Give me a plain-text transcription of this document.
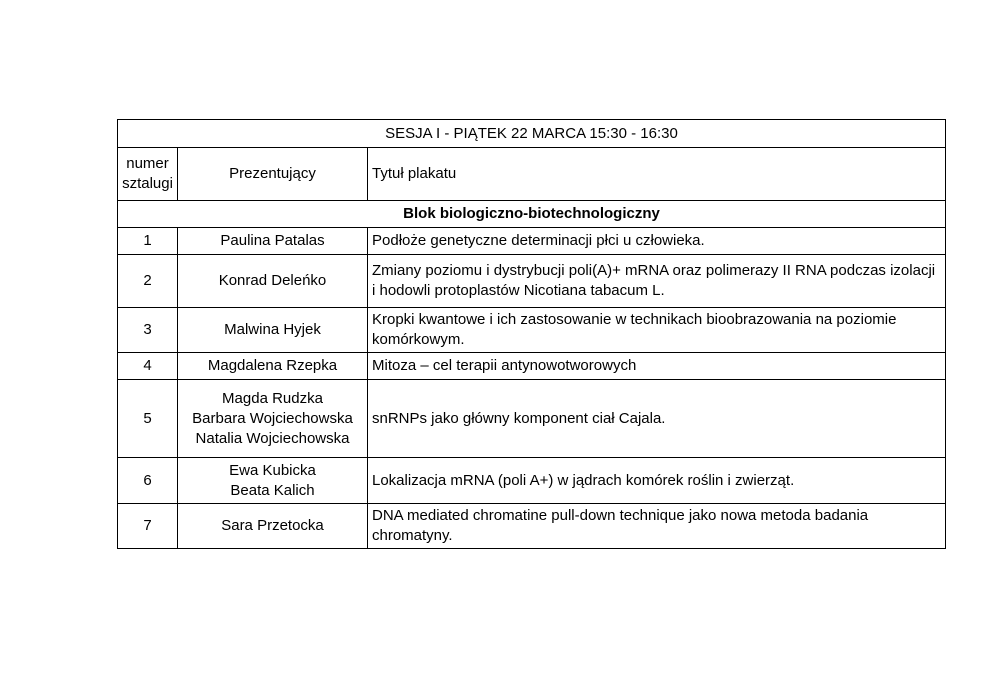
SESJA I - PIĄTEK 22 MARCA 15:30 - 16:30		

numer
sztalugi	Prezentujący	Tytuł plakatu
Blok biologiczno-biotechnologiczny		
1	Paulina Patalas	Podłoże genetyczne determinacji płci u człowieka.
2	Konrad Deleńko	Zmiany poziomu i dystrybucji poli(A)+ mRNA oraz polimerazy II RNA podczas izolacji i hodowli protoplastów Nicotiana tabacum L.
3	Malwina Hyjek	Kropki kwantowe i ich zastosowanie w technikach bioobrazowania na poziomie komórkowym.
4	Magdalena Rzepka	Mitoza – cel terapii antynowotworowych
5	Magda Rudzka
Barbara Wojciechowska
Natalia Wojciechowska	snRNPs jako główny komponent ciał Cajala.
6	Ewa Kubicka
Beata Kalich	Lokalizacja mRNA (poli A+) w jądrach komórek roślin i zwierząt.
7	Sara Przetocka	DNA mediated chromatine pull-down technique jako nowa metoda badania chromatyny.
